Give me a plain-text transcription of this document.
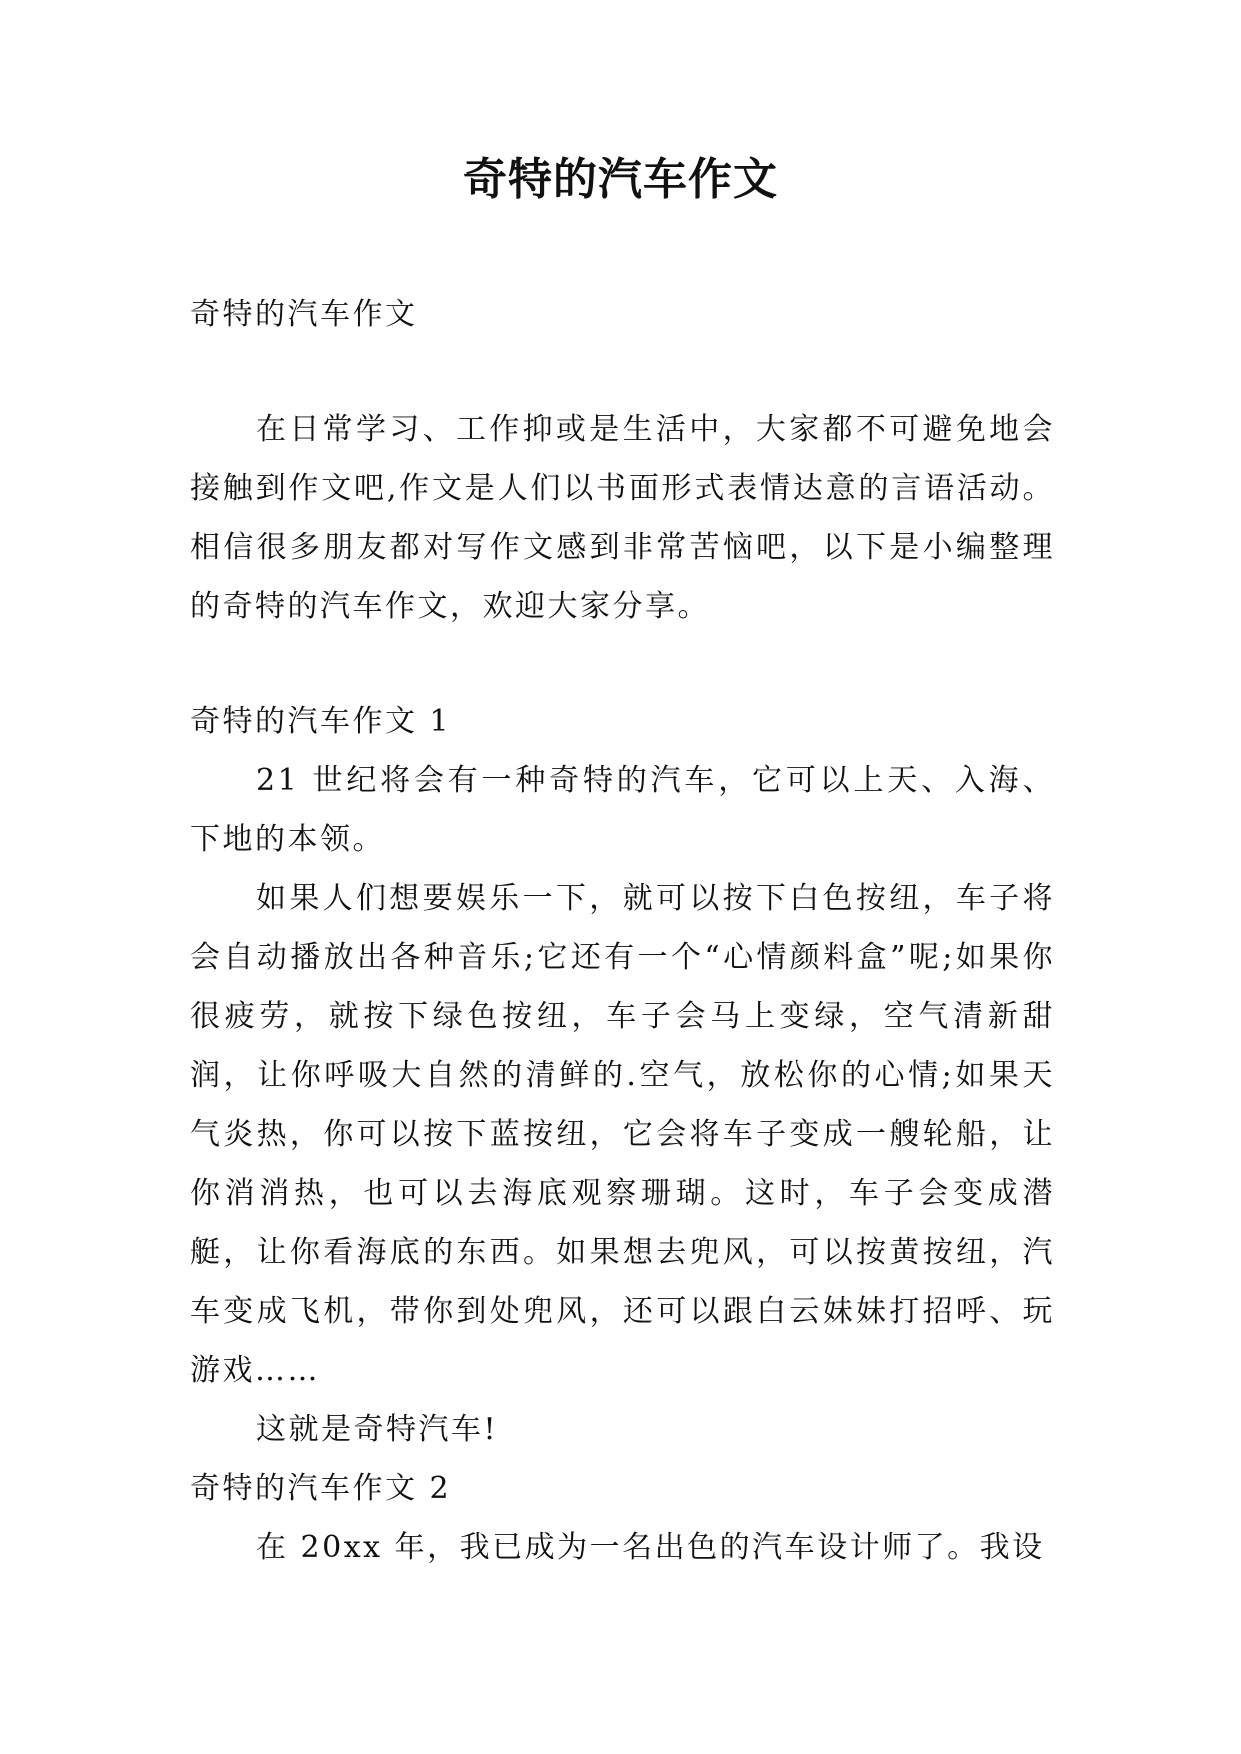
奇特的汽车作文

奇特的汽车作文

在日常学习、工作抑或是生活中，大家都不可避免地会接触到作文吧,作文是人们以书面形式表情达意的言语活动。相信很多朋友都对写作文感到非常苦恼吧，以下是小编整理的奇特的汽车作文，欢迎大家分享。

奇特的汽车作文 1

21 世纪将会有一种奇特的汽车，它可以上天、入海、下地的本领。

如果人们想要娱乐一下，就可以按下白色按纽，车子将会自动播放出各种音乐;它还有一个“心情颜料盒”呢;如果你很疲劳，就按下绿色按纽，车子会马上变绿，空气清新甜润，让你呼吸大自然的清鲜的.空气，放松你的心情;如果天气炎热，你可以按下蓝按纽，它会将车子变成一艘轮船，让你消消热，也可以去海底观察珊瑚。这时，车子会变成潜艇，让你看海底的东西。如果想去兜风，可以按黄按纽，汽车变成飞机，带你到处兜风，还可以跟白云妹妹打招呼、玩游戏……

这就是奇特汽车!

奇特的汽车作文 2

在 20xx 年，我已成为一名出色的汽车设计师了。我设
